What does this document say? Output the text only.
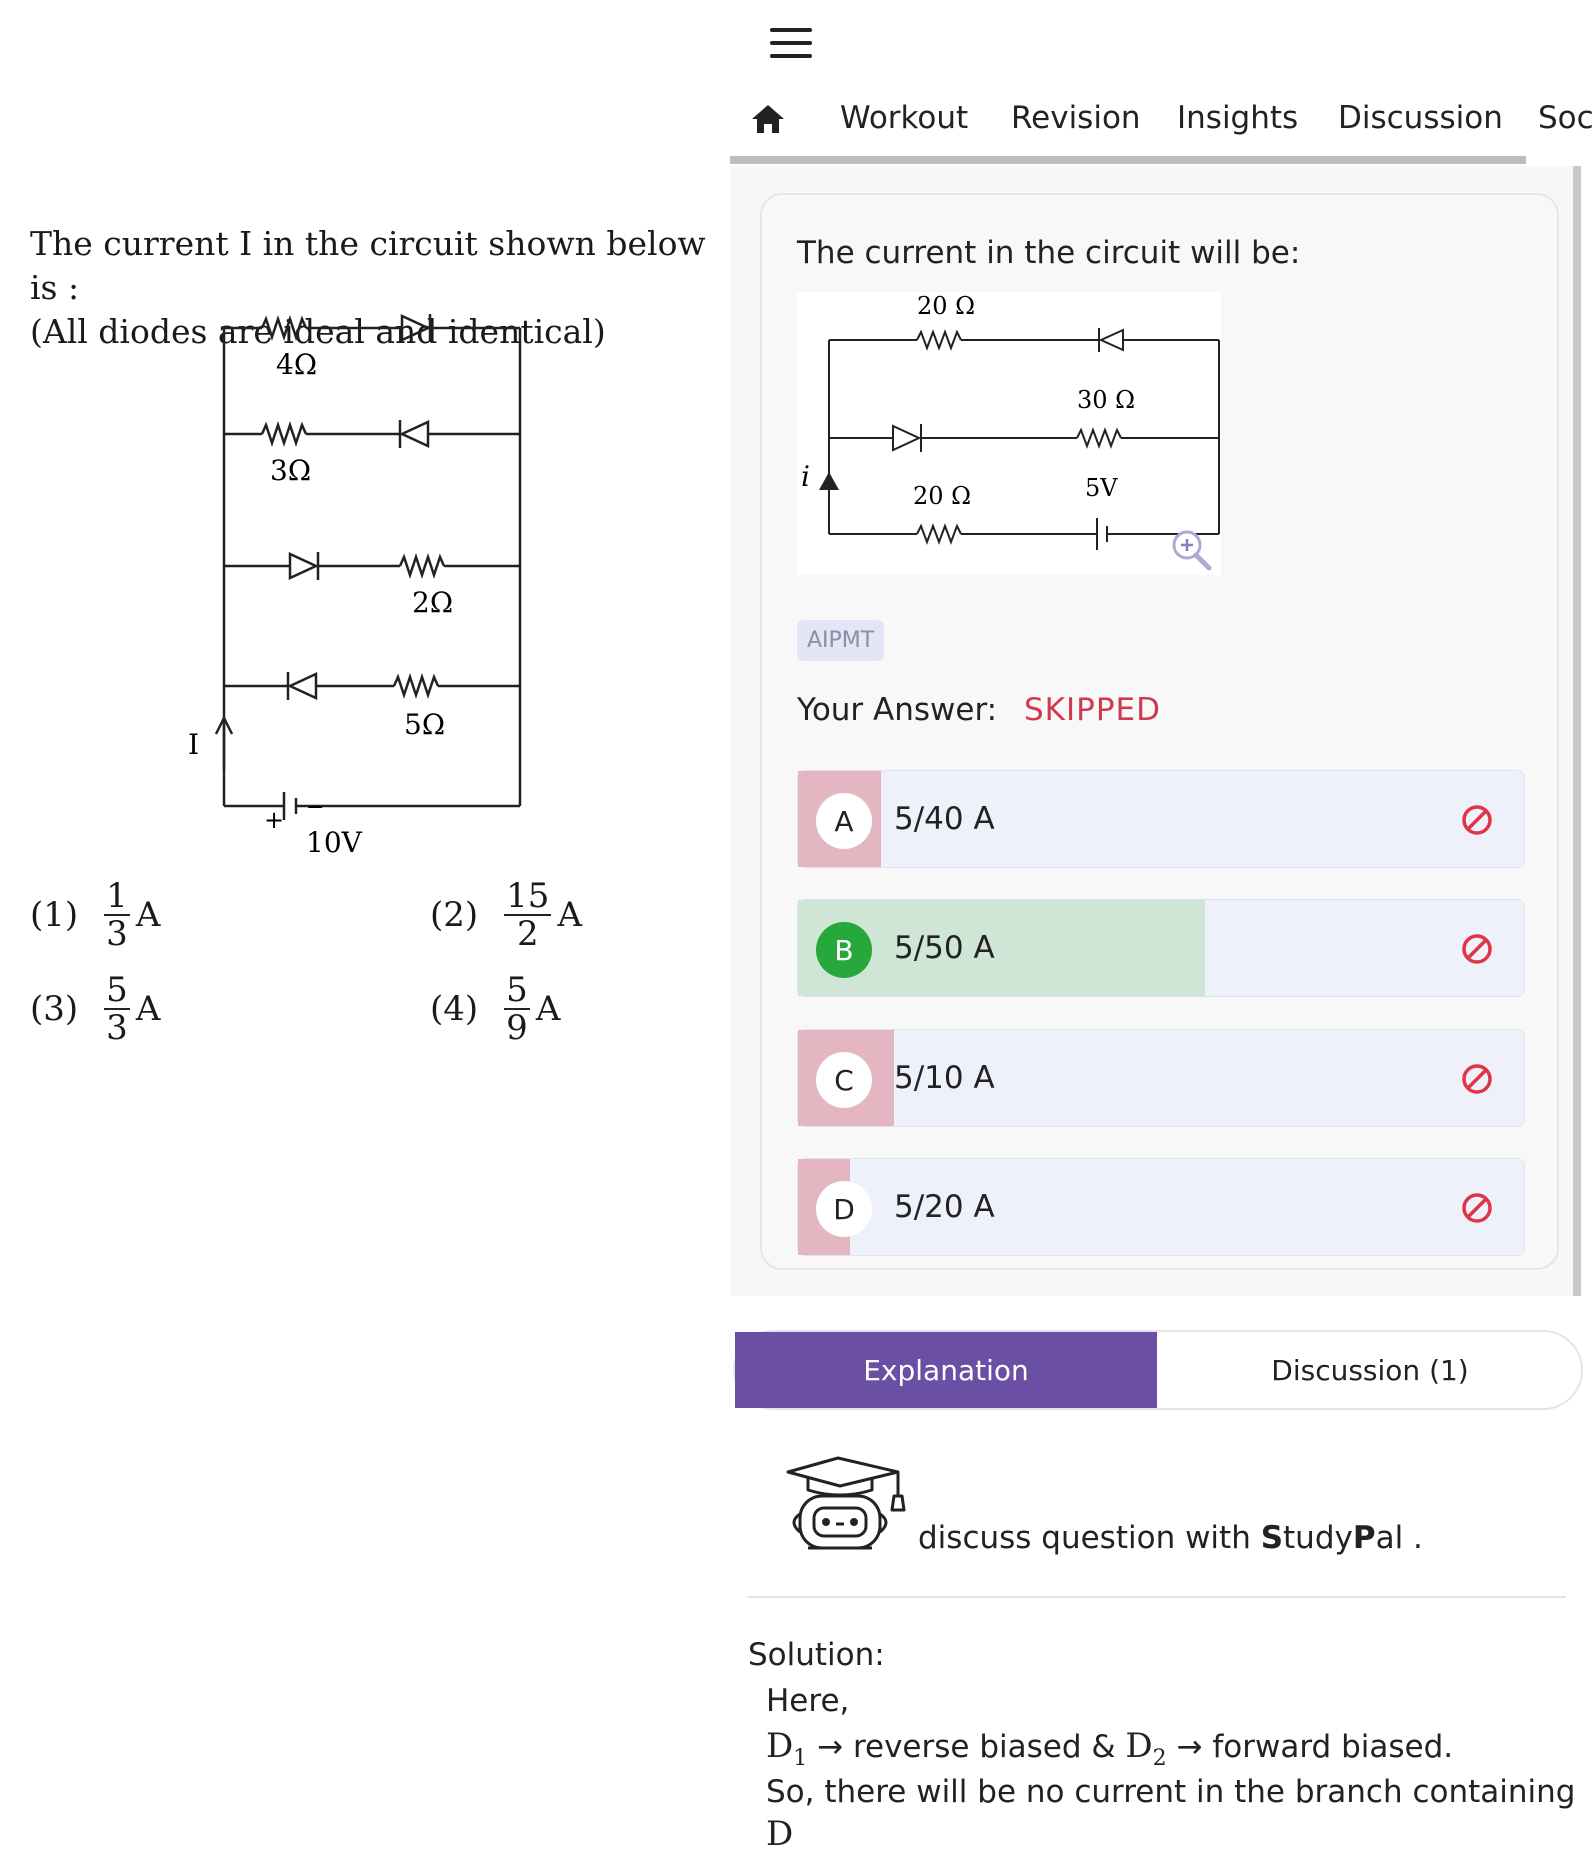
The current I in the circuit shown below is :
(All diodes are ideal and identical)
4Ω
3Ω
2Ω
5Ω
I
+ −
10V
$(1) \frac{1}{3}$ A	$(2) \frac{15}{2}$ A
$(3) \frac{5}{3}$ A	$(4) \frac{5}{9}$ A
Workout Revision Insights Discussion Soc
The current in the circuit will be:
20 Ω
30 Ω
20 Ω	5V
i
AIPMT
Your Answer: SKIPPED
A	5/40 A
B	5/50 A
C	5/10 A
D	5/20 A
Explanation	Discussion (1)
discuss question with StudyPal .
Solution:
Here,
$D_1$ → reverse biased & $D_2$ → forward biased.
So, there will be no current in the branch containing
D
